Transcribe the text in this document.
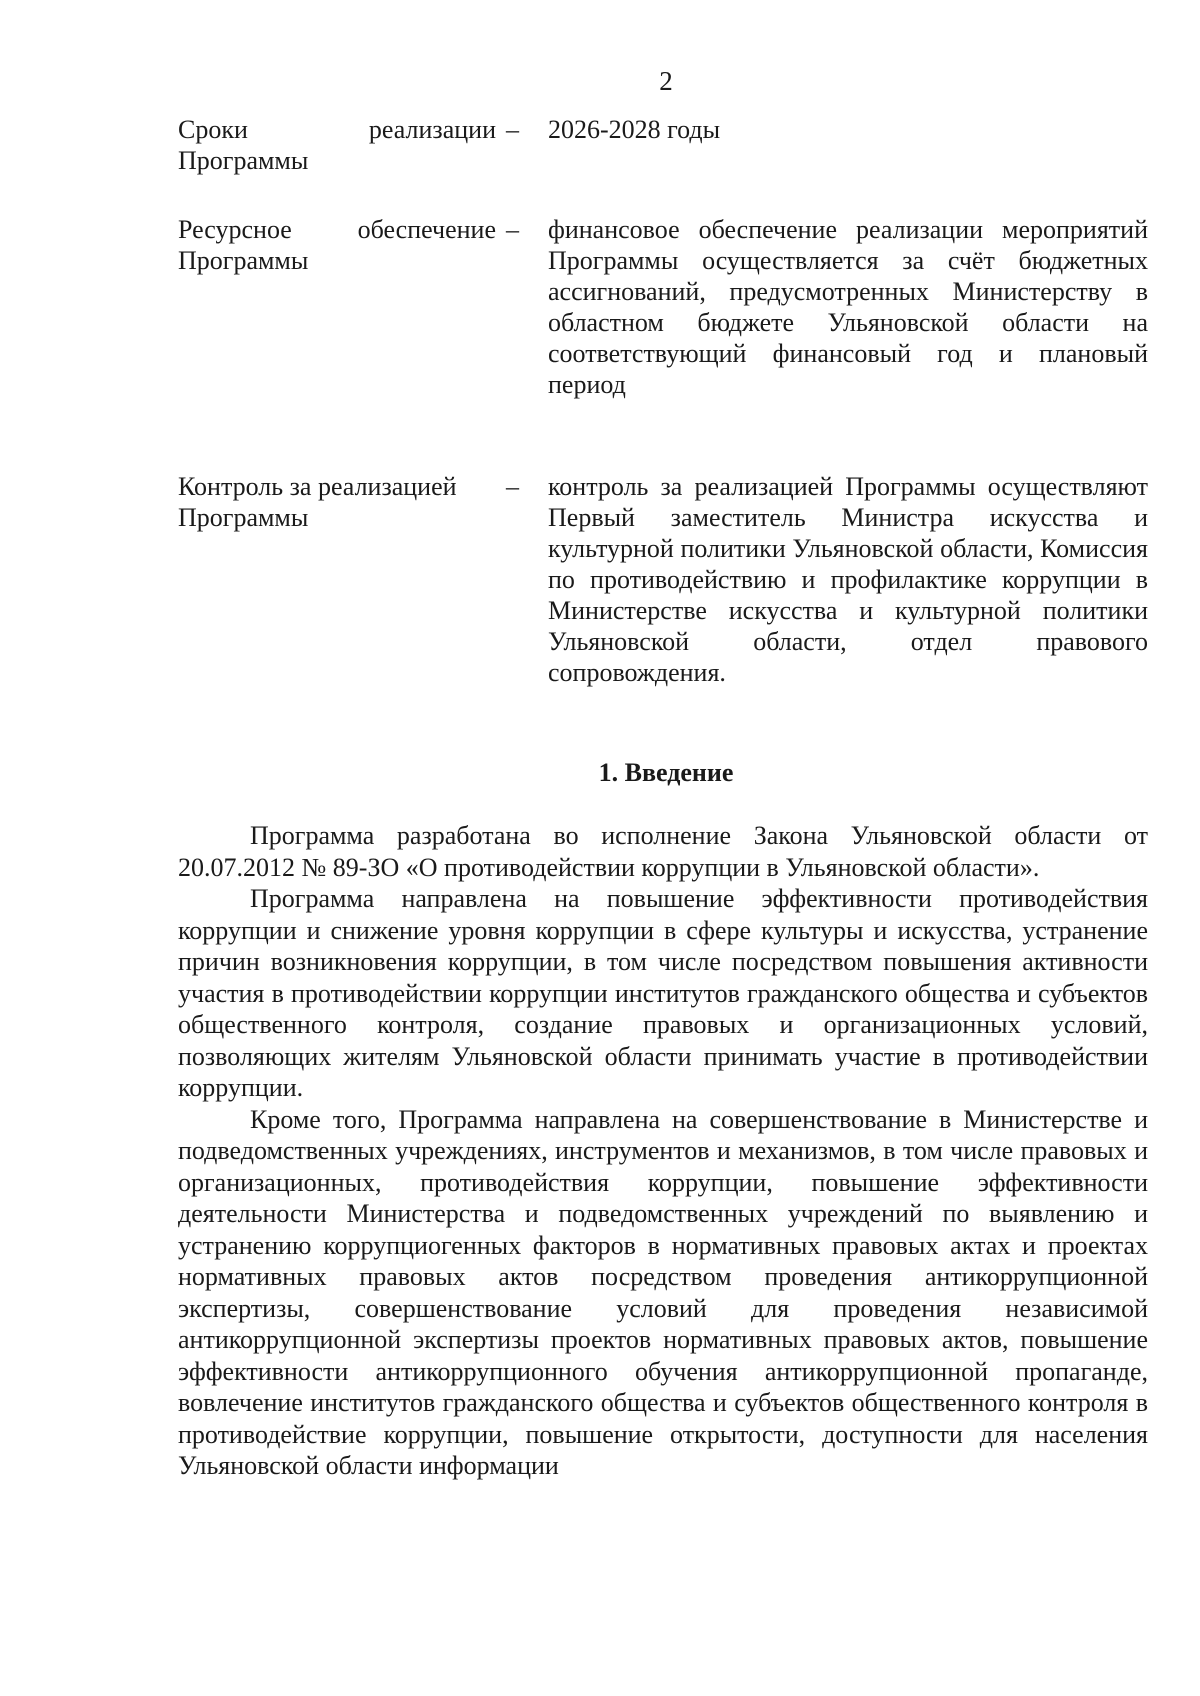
2
Сроки	реализации
Программы
– 2026-2028 годы
Ресурсное	обеспечение
Программы
– финансовое обеспечение реализации мероприятий Программы осуществляется за счёт бюджетных ассигнований, предусмотренных Министерству в областном бюджете Ульяновской области на соответствующий финансовый год и плановый период
Контроль за реализацией
Программы
– контроль за реализацией Программы осуществляют Первый заместитель Министра искусства и культурной политики Ульяновской области, Комиссия по противодействию и профилактике коррупции в Министерстве искусства и культурной политики Ульяновской области, отдел правового сопровождения.
1. Введение

Программа разработана во исполнение Закона Ульяновской области от 20.07.2012 № 89-ЗО «О противодействии коррупции в Ульяновской области».

Программа направлена на повышение эффективности противодействия коррупции и снижение уровня коррупции в сфере культуры и искусства, устранение причин возникновения коррупции, в том числе посредством повышения активности участия в противодействии коррупции институтов гражданского общества и субъектов общественного контроля, создание правовых и организационных условий, позволяющих жителям Ульяновской области принимать участие в противодействии коррупции.

Кроме того, Программа направлена на совершенствование в Министерстве и подведомственных учреждениях, инструментов и механизмов, в том числе правовых и организационных, противодействия коррупции, повышение эффективности деятельности Министерства и подведомственных учреждений по выявлению и устранению коррупциогенных факторов в нормативных правовых актах и проектах нормативных правовых актов посредством проведения антикоррупционной экспертизы, совершенствование условий для проведения независимой антикоррупционной экспертизы проектов нормативных правовых актов, повышение эффективности антикоррупционного обучения антикоррупционной пропаганде, вовлечение институтов гражданского общества и субъектов общественного контроля в противодействие коррупции, повышение открытости, доступности для населения Ульяновской области информации
